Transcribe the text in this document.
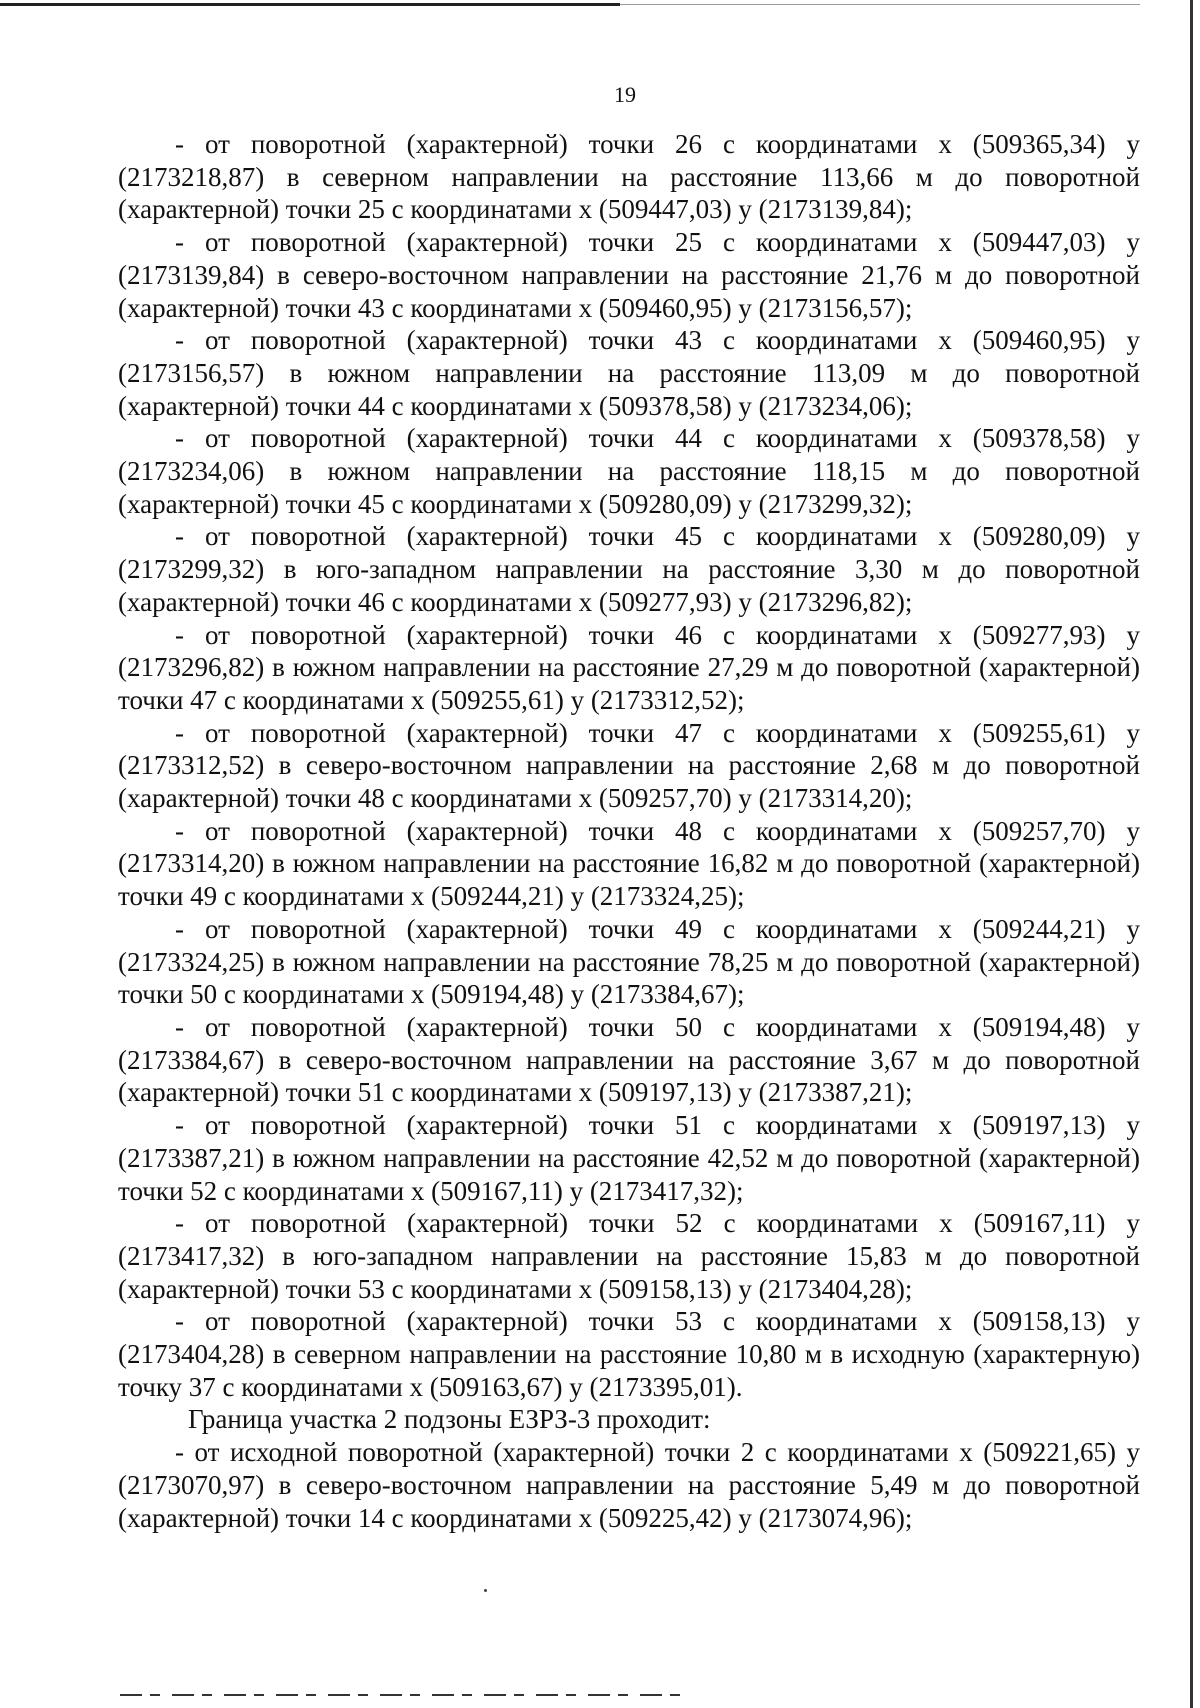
19

- от поворотной (характерной) точки 26 с координатами x (509365,34) y (2173218,87) в северном направлении на расстояние 113,66 м до поворотной (характерной) точки 25 с координатами x (509447,03) y (2173139,84);

- от поворотной (характерной) точки 25 с координатами x (509447,03) y (2173139,84) в северо-восточном направлении на расстояние 21,76 м до поворотной (характерной) точки 43 с координатами x (509460,95) y (2173156,57);

- от поворотной (характерной) точки 43 с координатами x (509460,95) y (2173156,57) в южном направлении на расстояние 113,09 м до поворотной (характерной) точки 44 с координатами x (509378,58) y (2173234,06);

- от поворотной (характерной) точки 44 с координатами x (509378,58) y (2173234,06) в южном направлении на расстояние 118,15 м до поворотной (характерной) точки 45 с координатами x (509280,09) y (2173299,32);

- от поворотной (характерной) точки 45 с координатами x (509280,09) y (2173299,32) в юго-западном направлении на расстояние 3,30 м до поворотной (характерной) точки 46 с координатами x (509277,93) y (2173296,82);

- от поворотной (характерной) точки 46 с координатами x (509277,93) y (2173296,82) в южном направлении на расстояние 27,29 м до поворотной (характерной) точки 47 с координатами x (509255,61) y (2173312,52);

- от поворотной (характерной) точки 47 с координатами x (509255,61) y (2173312,52) в северо-восточном направлении на расстояние 2,68 м до поворотной (характерной) точки 48 с координатами x (509257,70) y (2173314,20);

- от поворотной (характерной) точки 48 с координатами x (509257,70) y (2173314,20) в южном направлении на расстояние 16,82 м до поворотной (характерной) точки 49 с координатами x (509244,21) y (2173324,25);

- от поворотной (характерной) точки 49 с координатами x (509244,21) y (2173324,25) в южном направлении на расстояние 78,25 м до поворотной (характерной) точки 50 с координатами x (509194,48) y (2173384,67);

- от поворотной (характерной) точки 50 с координатами x (509194,48) y (2173384,67) в северо-восточном направлении на расстояние 3,67 м до поворотной (характерной) точки 51 с координатами x (509197,13) y (2173387,21);

- от поворотной (характерной) точки 51 с координатами x (509197,13) y (2173387,21) в южном направлении на расстояние 42,52 м до поворотной (характерной) точки 52 с координатами x (509167,11) y (2173417,32);

- от поворотной (характерной) точки 52 с координатами x (509167,11) y (2173417,32) в юго-западном направлении на расстояние 15,83 м до поворотной (характерной) точки 53 с координатами x (509158,13) y (2173404,28);

- от поворотной (характерной) точки 53 с координатами x (509158,13) y (2173404,28) в северном направлении на расстояние 10,80 м в исходную (характерную) точку 37 с координатами x (509163,67) y (2173395,01).

Граница участка 2 подзоны ЕЗРЗ-3 проходит:

- от исходной поворотной (характерной) точки 2 с координатами x (509221,65) y (2173070,97) в северо-восточном направлении на расстояние 5,49 м до поворотной (характерной) точки 14 с координатами x (509225,42) y (2173074,96);
